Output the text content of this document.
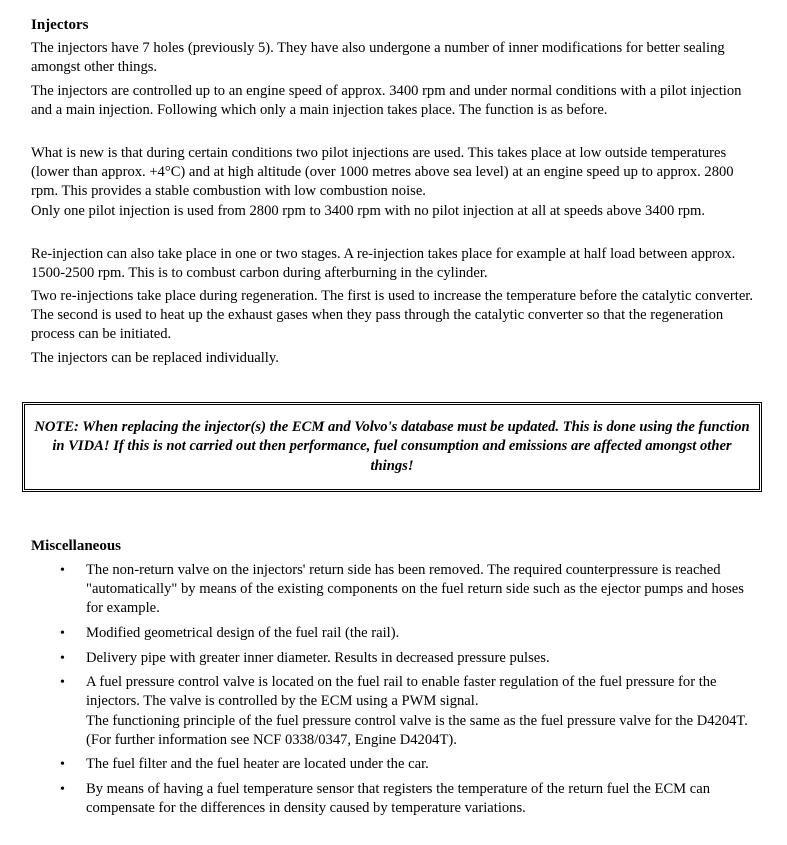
Injectors

The injectors have 7 holes (previously 5). They have also undergone a number of inner modifications for better sealing amongst other things.

The injectors are controlled up to an engine speed of approx. 3400 rpm and under normal conditions with a pilot injection and a main injection. Following which only a main injection takes place. The function is as before.

What is new is that during certain conditions two pilot injections are used. This takes place at low outside temperatures (lower than approx. +4°C) and at high altitude (over 1000 metres above sea level) at an engine speed up to approx. 2800 rpm. This provides a stable combustion with low combustion noise.

Only one pilot injection is used from 2800 rpm to 3400 rpm with no pilot injection at all at speeds above 3400 rpm.

Re-injection can also take place in one or two stages. A re-injection takes place for example at half load between approx. 1500-2500 rpm. This is to combust carbon during afterburning in the cylinder.

Two re-injections take place during regeneration. The first is used to increase the temperature before the catalytic converter. The second is used to heat up the exhaust gases when they pass through the catalytic converter so that the regeneration process can be initiated.

The injectors can be replaced individually.

NOTE: When replacing the injector(s) the ECM and Volvo's database must be updated. This is done using the function in VIDA! If this is not carried out then performance, fuel consumption and emissions are affected amongst other things!

Miscellaneous
• The non-return valve on the injectors' return side has been removed. The required counterpressure is reached "automatically" by means of the existing components on the fuel return side such as the ejector pumps and hoses for example.
• Modified geometrical design of the fuel rail (the rail).
• Delivery pipe with greater inner diameter. Results in decreased pressure pulses.
• A fuel pressure control valve is located on the fuel rail to enable faster regulation of the fuel pressure for the injectors. The valve is controlled by the ECM using a PWM signal.
The functioning principle of the fuel pressure control valve is the same as the fuel pressure valve for the D4204T.
(For further information see NCF 0338/0347, Engine D4204T).
• The fuel filter and the fuel heater are located under the car.
• By means of having a fuel temperature sensor that registers the temperature of the return fuel the ECM can compensate for the differences in density caused by temperature variations.
